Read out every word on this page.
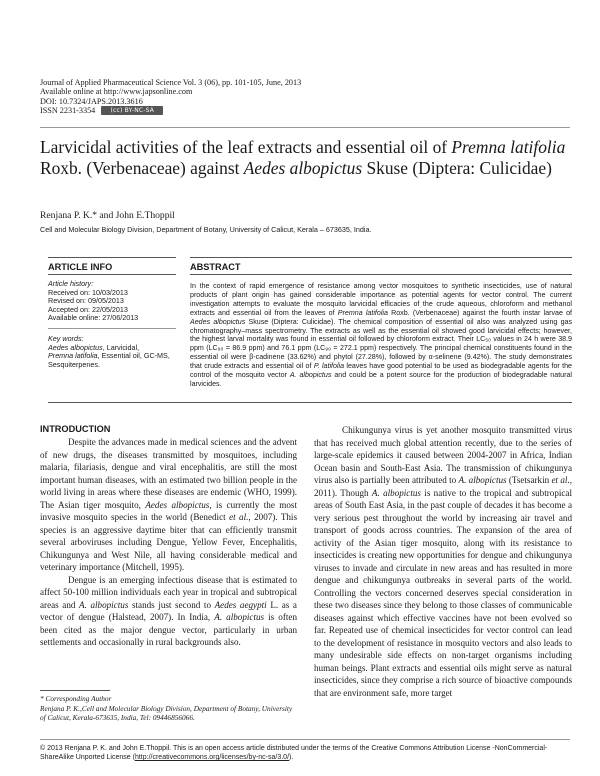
Journal of Applied Pharmaceutical Science Vol. 3 (06), pp. 101-105, June, 2013
Available online at http://www.japsonline.com
DOI: 10.7324/JAPS.2013.3616
ISSN 2231-3354	(cc) BY-NC-SA
Larvicidal activities of the leaf extracts and essential oil of Premna latifolia Roxb. (Verbenaceae) against Aedes albopictus Skuse (Diptera: Culicidae)
Renjana P. K.* and John E.Thoppil
Cell and Molecular Biology Division, Department of Botany, University of Calicut, Kerala – 673635, India.
ARTICLE INFO	ABSTRACT
Article history:
Received on: 10/03/2013
Revised on: 09/05/2013
Accepted on: 22/05/2013
Available online: 27/06/2013
Key words:
Aedes albopictus, Larvicidal,
Premna latifolia, Essential oil, GC-MS, Sesquiterpenes.
In the context of rapid emergence of resistance among vector mosquitoes to synthetic insecticides, use of natural products of plant origin has gained considerable importance as potential agents for vector control. The current investigation attempts to evaluate the mosquito larvicidal efficacies of the crude aqueous, chloroform and methanol extracts and essential oil from the leaves of Premna latifolia Roxb. (Verbenaceae) against the fourth instar larvae of Aedes albopictus Skuse (Diptera: Culicidae). The chemical composition of essential oil also was analyzed using gas chromatography–mass spectrometry. The extracts as well as the essential oil showed good larvicidal effects; however, the highest larval mortality was found in essential oil followed by chloroform extract. Their LC₅₀ values in 24 h were 38.9 ppm (LC₉₀ = 86.9 ppm) and 76.1 ppm (LC₉₀ = 272.1 ppm) respectively. The principal chemical constituents found in the essential oil were β-cadinene (33.62%) and phytol (27.28%), followed by α-selinene (9.42%). The study demonstrates that crude extracts and essential oil of P. latifolia leaves have good potential to be used as biodegradable agents for the control of the mosquito vector A. albopictus and could be a potent source for the production of biodegradable natural larvicides.
INTRODUCTION

Despite the advances made in medical sciences and the advent of new drugs, the diseases transmitted by mosquitoes, including malaria, filariasis, dengue and viral encephalitis, are still the most important human diseases, with an estimated two billion people in the world living in areas where these diseases are endemic (WHO, 1999). The Asian tiger mosquito, Aedes albopictus, is currently the most invasive mosquito species in the world (Benedict et al., 2007). This species is an aggressive daytime biter that can efficiently transmit several arboviruses including Dengue, Yellow Fever, Encephalitis, Chikungunya and West Nile, all having considerable medical and veterinary importance (Mitchell, 1995).

Dengue is an emerging infectious disease that is estimated to affect 50-100 million individuals each year in tropical and subtropical areas and A. albopictus stands just second to Aedes aegypti L. as a vector of dengue (Halstead, 2007). In India, A. albopictus is often been cited as the major dengue vector, particularly in urban settlements and occasionally in rural backgrounds also.

Chikungunya virus is yet another mosquito transmitted virus that has received much global attention recently, due to the series of large-scale epidemics it caused between 2004-2007 in Africa, Indian Ocean basin and South-East Asia. The transmission of chikungunya virus also is partially been attributed to A. albopictus (Tsetsarkin et al., 2011). Though A. albopictus is native to the tropical and subtropical areas of South East Asia, in the past couple of decades it has become a very serious pest throughout the world by increasing air travel and transport of goods across countries. The expansion of the area of activity of the Asian tiger mosquito, along with its resistance to insecticides is creating new opportunities for dengue and chikungunya viruses to invade and circulate in new areas and has resulted in more dengue and chikungunya outbreaks in several parts of the world. Controlling the vectors concerned deserves special consideration in these two diseases since they belong to those classes of communicable diseases against which effective vaccines have not been evolved so far. Repeated use of chemical insecticides for vector control can lead to the development of resistance in mosquito vectors and also leads to many undesirable side effects on non-target organisms including human beings. Plant extracts and essential oils might serve as natural insecticides, since they comprise a rich source of bioactive compounds that are environment safe, more target

* Corresponding Author
Renjana P. K.,Cell and Molecular Biology Division, Department of Botany, University of Calicut, Kerala-673635, India, Tel: 09446856066.
© 2013 Renjana P. K. and John E.Thoppil. This is an open access article distributed under the terms of the Creative Commons Attribution License -NonCommercial-ShareAlike Unported License (http://creativecommons.org/licenses/by-nc-sa/3.0/).
